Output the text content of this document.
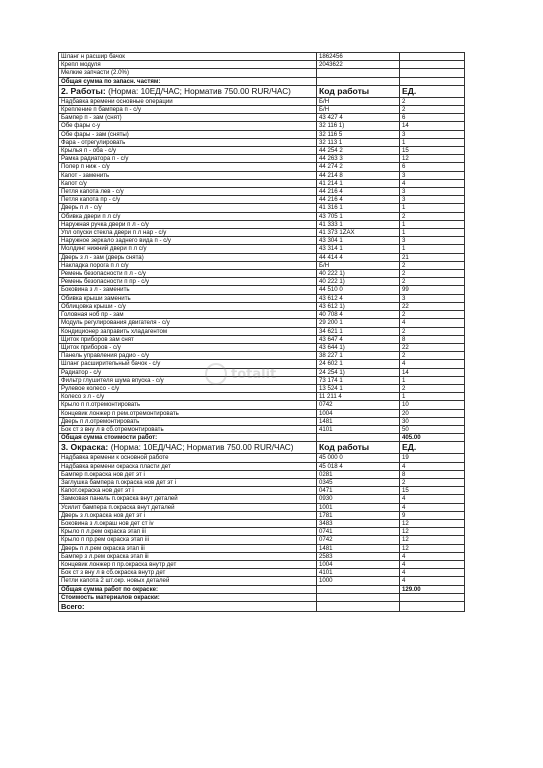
Шланг н расшир бачок	1862456	
Крепл модуля	2043622	
Мелкие запчасти (2.0%)		
Общая сумма по запасн. частям:		
2. Работы: (Норма: 10ЕД/ЧАС; Норматив 750.00 RUR/ЧАС)	Код работы	ЕД.
Надбавка времени основные операции	Б/Н	2
Крепление п бампера п - с/у	Б/Н	2
Бампер п - зам (снят)	43 427 4	6
Обе фары с-у	32 116 1)	14
Обе фары - зам (сняты)	32 116 5	3
Фара - отрегулировать	32 113 1	1
Крылья п - оба - с/у	44 254 2	15
Рамка радиатора п - с/у	44 263 3	12
Полер п ниж - с/у	44 274 2	6
Капот - заменить	44 214 8	3
Капот с/у	41 214 1	4
Петля капота лев - с/у	44 216 4	3
Петля капота пр - с/у	44 216 4	3
Дверь п л - с/у	41 316 1	1
Обивка двери п л с/у	43 705 1	2
Наружная ручка двери п л - с/у	41 333 1	1
Упл опуски стекла двери п л нар - с/у	41 373 1ZAX	1
Наружное зеркало заднего вида п - с/у	43 304 1	3
Молдинг нижний двери п л с/у	43 314 1	1
Дверь з л - зам (дверь снята)	44 414 4	21
Накладка порога п л с/у	Б/Н	2
Ремень безопасности п л - с/у	40 222 1)	2
Ремень безопасности п пр - с/у	40 222 1)	2
Боковина з л - заменить	44 510 0	99
Обивка крыши заменить	43 612 4	3
Облицовка крыши - с/у	43 612 1)	22
Головная ноб пр - зам	40 708 4	2
Модуль регулирования двигателя - с/у	29 200 1	4
Кондиционер заправить хладагентом	34 621 1	2
Щиток приборов зам снят	43 647 4	8
Щиток приборов - с/у	43 644 1)	22
Панель управления радио - с/у	38 227 1	2
Шланг расширительный бачок - с/у	24 602 1	4
Радиатор - с/у	24 254 1)	14
Фильтр глушителя шума впуска - с/у	73 174 1	1
Рулевое колесо - с/у	13 524 1	2
Колесо з л - с/у	11 211 4	1
Крыло п п.отремонтировать	0742	10
Концевик лонжер п рем.отремонтировать	1004	20
Дверь п л.отремонтировать	1481	30
Бок ст з вну л в сб.отремонтировать	4101	50
Общая сумма стоимости работ:		405.00
3. Окраска: (Норма: 10ЕД/ЧАС; Норматив 750.00 RUR/ЧАС)	Код работы	ЕД.
Надбавка времени к основной работе	45 000 0	19
Надбавка времени окраска пласти дет	45 018 4	4
Бампер п.окраска нов дет эт i	0281	8
Заглушка бампера п.окраска нов дет эт i	0345	2
Капот.окраска нов дет эт i	0471	15
Замковая панель п.окраска внут деталей	0930	4
Усилит бампера п.окраска внут деталей	1001	4
Дверь з л.окраска нов дет эт i	1781	9
Боковина з л.окраш нов дет ст iv	3483	12
Крыло п л.рем окраска этап iii	0741	12
Крыло п пр.рем окраска этап iii	0742	12
Дверь п л.рем окраска этап iii	1481	12
Бампер з л.рем окраска этап iii	2583	4
Концевик лонжер п пр.окраска внутр дет	1004	4
Бок ст з вну л в сб.окраска внутр дет	4101	4
Петли капота 2 шт.окр. новых деталей	1000	4
Общая сумма работ по окраске:		129.00
Стоимость материалов окраски:		
Всего:		
totalit
